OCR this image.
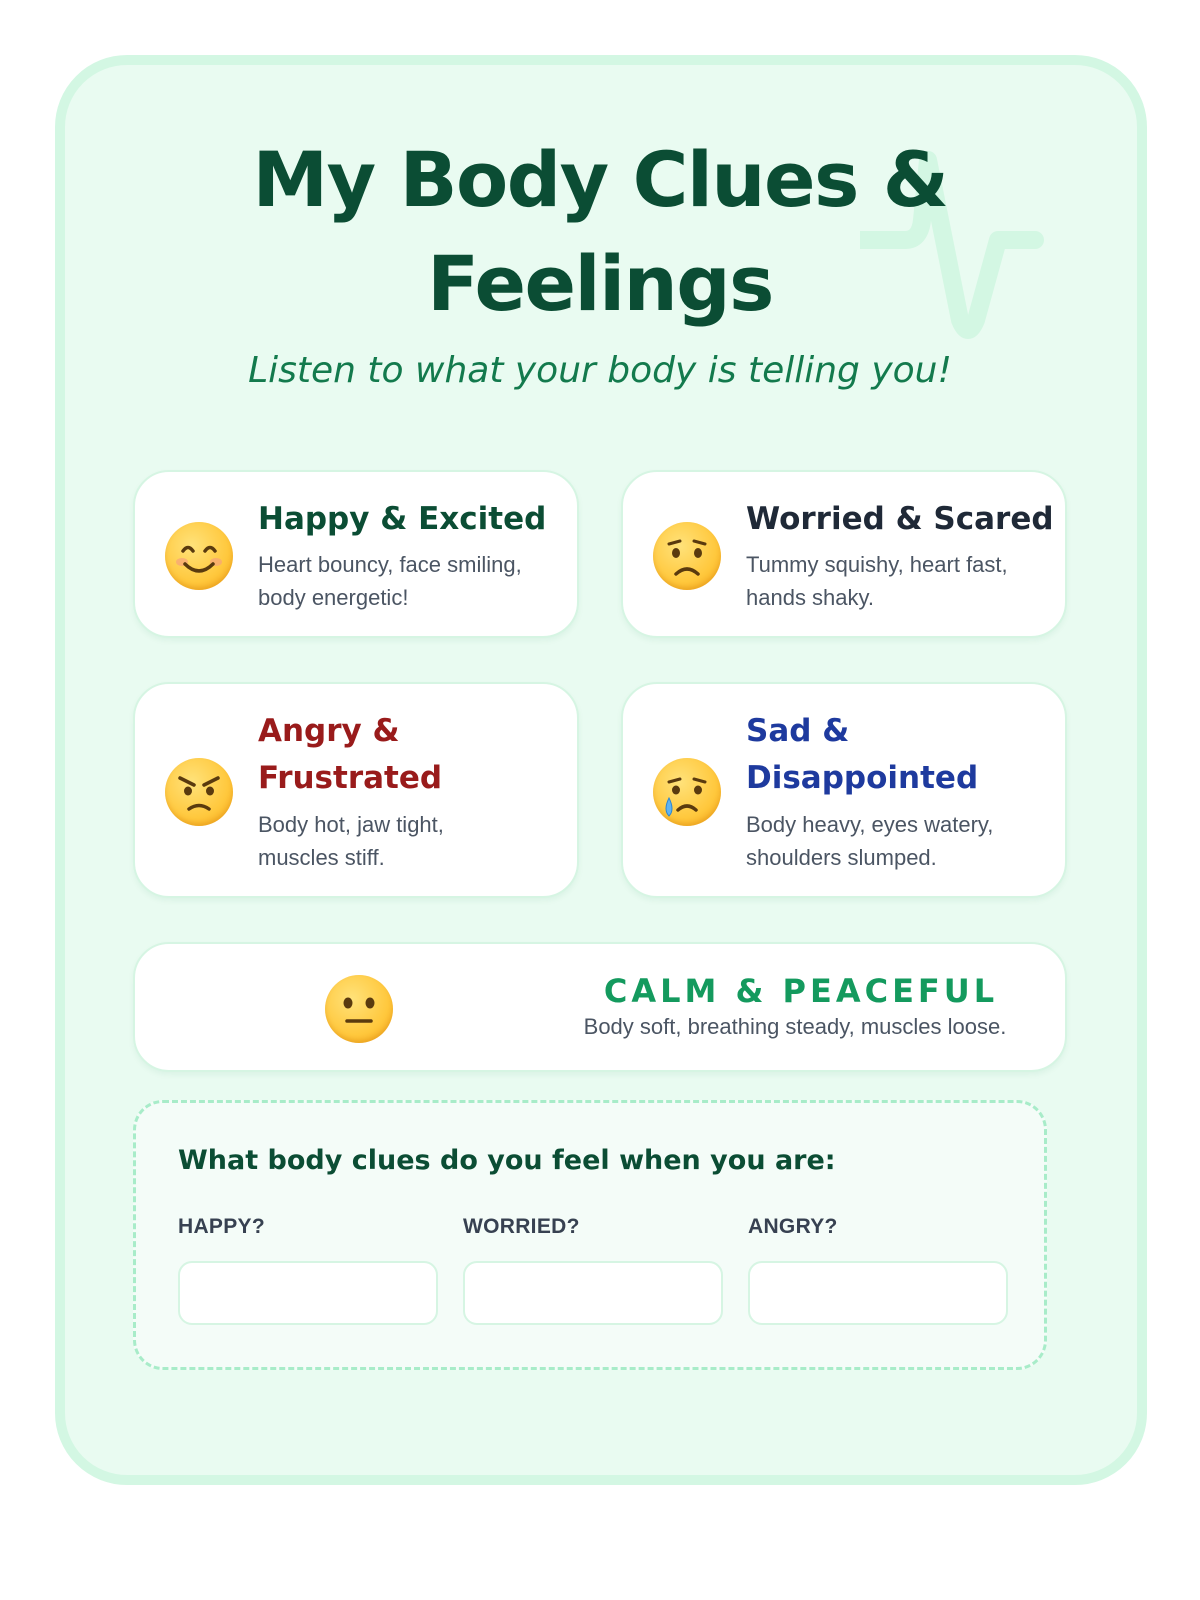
My Body Clues &
Feelings
Listen to what your body is telling you!
Happy & Excited
Heart bouncy, face smiling,
body energetic!
Worried & Scared
Tummy squishy, heart fast,
hands shaky.
Angry &
Frustrated
Body hot, jaw tight,
muscles stiff.
Sad &
Disappointed
Body heavy, eyes watery,
shoulders slumped.
CALM & PEACEFUL
Body soft, breathing steady, muscles loose.
What body clues do you feel when you are:
HAPPY?	WORRIED?	ANGRY?
